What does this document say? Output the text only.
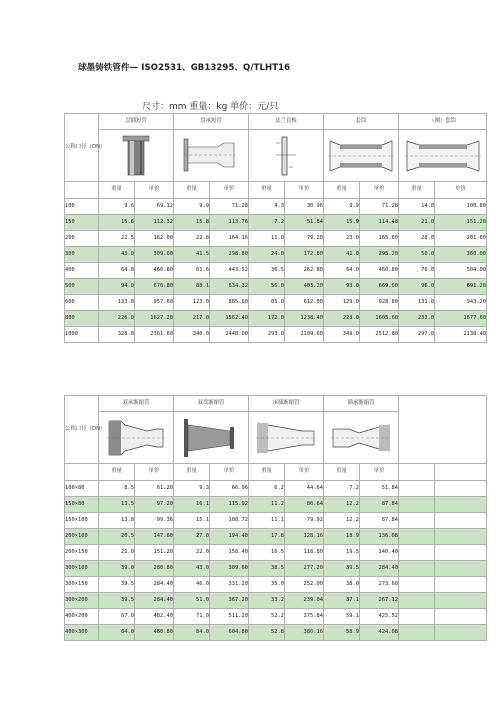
球墨铸铁管件— ISO2531、GB13295、Q/TLHT16
尺寸：mm 重量：kg 单价：元/只
公称口径（DN）	盘插短管		盘承短管		法兰盲板		套筒		（刚）套筒	

	重量	单价	重量	单价	重量	单价	重量	单价	重量	单价
100	9.6	69.12	9.9	71.28	4.3	30.96	9.9	71.28	14.0	100.80
150	15.6	112.32	15.8	113.76	7.2	51.84	15.9	114.48	21.0	151.20
200	22.5	162.00	22.8	164.16	11.0	79.20	23.0	165.60	28.0	201.60
300	43.0	309.60	41.5	298.80	24.0	172.80	41.0	295.20	50.0	360.00
400	64.0	460.80	61.6	443.52	36.5	262.80	64.0	460.80	70.0	504.00
500	94.0	676.80	88.1	634.32	56.0	403.20	93.0	669.60	96.0	691.20
600	133.0	957.60	123.0	885.60	85.0	612.00	129.0	928.80	131.0	943.20
800	226.0	1627.20	217.0	1562.40	172.0	1238.40	223.0	1605.60	233.0	1677.60
1000	328.0	2361.60	340.0	2448.00	293.0	2109.60	349.0	2512.80	297.0	2138.40
公称口径（DN）	双承渐缩管		双盘渐缩管		承插渐缩管		插承渐缩管			

	重量	单价	重量	单价	重量	单价	重量	单价		
100×80	8.5	61.20	9.3	66.96	6.2	44.64	7.2	51.84		
150×80	13.5	97.20	16.1	115.92	11.2	80.64	12.2	87.84		
150×100	13.8	99.36	15.1	108.72	11.1	79.92	12.2	87.84		
200×100	20.5	147.60	27.0	194.40	17.8	128.16	18.9	136.08		
200×150	21.0	151.20	22.0	158.40	16.5	118.80	19.5	140.40		
300×100	39.0	280.80	43.0	309.60	38.5	277.20	39.5	284.40		
300×150	39.5	284.40	46.0	331.20	35.0	252.00	38.0	273.60		
300×200	39.5	284.40	51.0	367.20	33.2	239.04	37.1	267.12		
400×200	67.0	482.40	71.0	511.20	52.2	375.84	59.1	425.52		
400×300	64.0	460.80	84.0	604.80	52.8	380.16	58.9	424.08		
